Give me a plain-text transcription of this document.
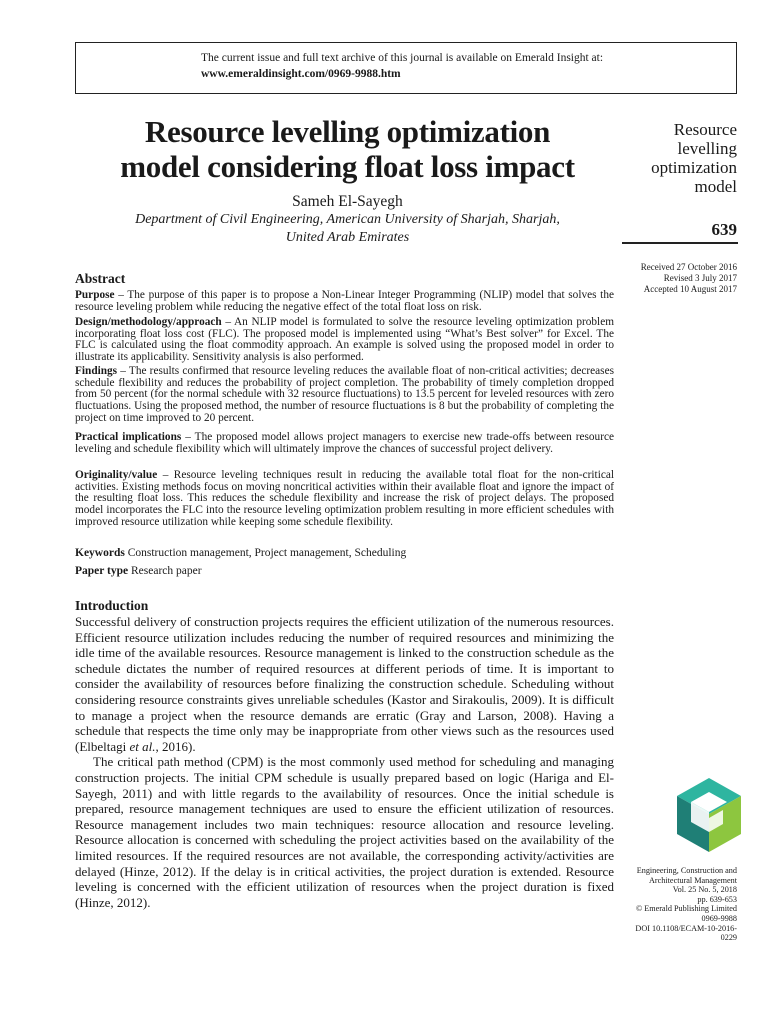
The current issue and full text archive of this journal is available on Emerald Insight at:
www.emeraldinsight.com/0969-9988.htm
Resource levelling optimization
model considering float loss impact
Sameh El-Sayegh
Department of Civil Engineering, American University of Sharjah, Sharjah,
United Arab Emirates
Resource
levelling
optimization
model
639
Received 27 October 2016
Revised 3 July 2017
Accepted 10 August 2017
Abstract
Purpose – The purpose of this paper is to propose a Non-Linear Integer Programming (NLIP) model that solves the resource leveling problem while reducing the negative effect of the total float loss on risk.
Design/methodology/approach – An NLIP model is formulated to solve the resource leveling optimization problem incorporating float loss cost (FLC). The proposed model is implemented using “What’s Best solver” for Excel. The FLC is calculated using the float commodity approach. An example is solved using the proposed model in order to illustrate its applicability. Sensitivity analysis is also performed.
Findings – The results confirmed that resource leveling reduces the available float of non-critical activities; decreases schedule flexibility and reduces the probability of project completion. The probability of timely completion dropped from 50 percent (for the normal schedule with 32 resource fluctuations) to 13.5 percent for leveled resources with zero fluctuations. Using the proposed method, the number of resource fluctuations is 8 but the probability of completing the project on time improved to 20 percent.
Practical implications – The proposed model allows project managers to exercise new trade-offs between resource leveling and schedule flexibility which will ultimately improve the chances of successful project delivery.
Originality/value – Resource leveling techniques result in reducing the available total float for the non-critical activities. Existing methods focus on moving noncritical activities within their available float and ignore the impact of the resulting float loss. This reduces the schedule flexibility and increase the risk of project delays. The proposed model incorporates the FLC into the resource leveling optimization problem resulting in more efficient schedules with improved resource utilization while keeping some schedule flexibility.
Keywords Construction management, Project management, Scheduling
Paper type Research paper
Introduction

Successful delivery of construction projects requires the efficient utilization of the numerous resources. Efficient resource utilization includes reducing the number of required resources and minimizing the idle time of the available resources. Resource management is linked to the construction schedule as the schedule dictates the number of required resources at different periods of time. It is important to consider the availability of resources before finalizing the construction schedule. Scheduling without considering resource constraints gives unreliable schedules (Kastor and Sirakoulis, 2009). It is difficult to manage a project when the resource demands are erratic (Gray and Larson, 2008). Having a schedule that respects the time only may be inappropriate from other views such as the resources used (Elbeltagi et al., 2016).

The critical path method (CPM) is the most commonly used method for scheduling and managing construction projects. The initial CPM schedule is usually prepared based on logic (Hariga and El-Sayegh, 2011) and with little regards to the availability of resources. Once the initial schedule is prepared, resource management techniques are used to ensure the efficient utilization of resources. Resource management includes two main techniques: resource allocation and resource leveling. Resource allocation is concerned with scheduling the project activities based on the availability of the limited resources. If the required resources are not available, the corresponding activity/activities are delayed (Hinze, 2012). If the delay is in critical activities, the project duration is extended. Resource leveling is concerned with the efficient utilization of resources when the project duration is fixed (Hinze, 2012).

Engineering, Construction and
Architectural Management
Vol. 25 No. 5, 2018
pp. 639-653
© Emerald Publishing Limited
0969-9988
DOI 10.1108/ECAM-10-2016-0229
